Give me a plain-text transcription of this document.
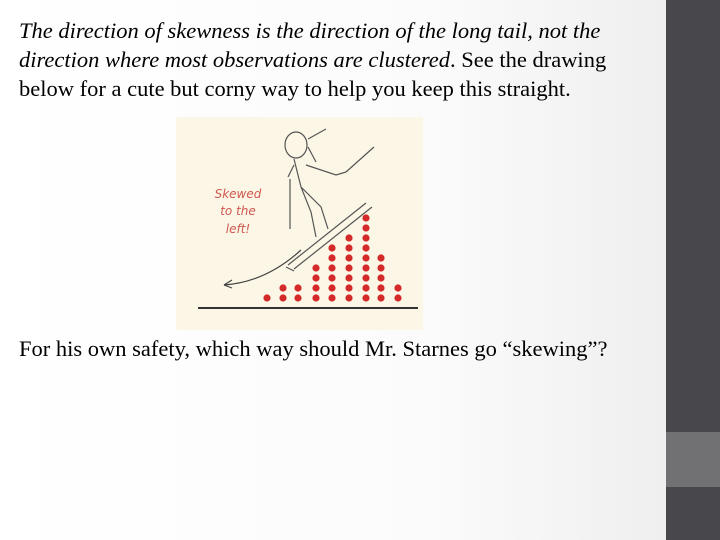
The direction of skewness is the direction of the long tail, not the direction where most observations are clustered. See the drawing below for a cute but corny way to help you keep this straight.
Skewed
to the
left!
For his own safety, which way should Mr. Starnes go “skewing”?
